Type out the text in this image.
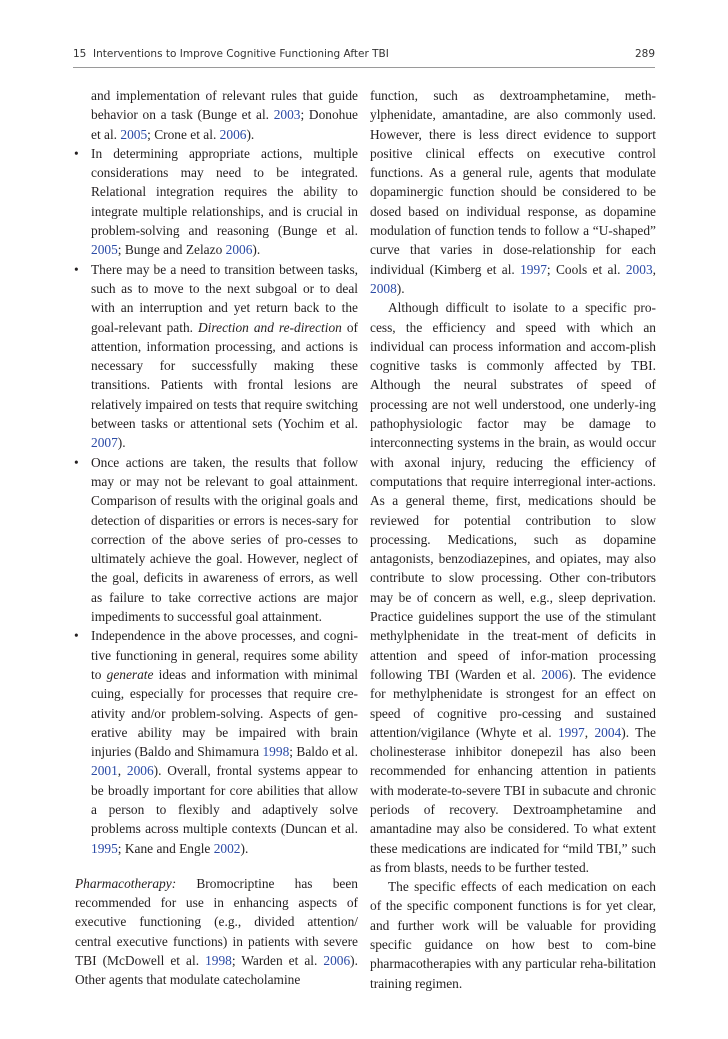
15 Interventions to Improve Cognitive Functioning After TBI	289

and implementation of relevant rules that guide behavior on a task (Bunge et al. 2003; Donohue et al. 2005; Crone et al. 2006).

• In determining appropriate actions, multiple considerations may need to be integrated. Relational integration requires the ability to integrate multiple relationships, and is crucial in problem-solving and reasoning (Bunge et al. 2005; Bunge and Zelazo 2006).

• There may be a need to transition between tasks, such as to move to the next subgoal or to deal with an interruption and yet return back to the goal-relevant path. Direction and re-direction of attention, information processing, and actions is necessary for successfully making these transitions. Patients with frontal lesions are relatively impaired on tests that require switching between tasks or attentional sets (Yochim et al. 2007).

• Once actions are taken, the results that follow may or may not be relevant to goal attainment. Comparison of results with the original goals and detection of disparities or errors is neces-sary for correction of the above series of pro-cesses to ultimately achieve the goal. However, neglect of the goal, deficits in awareness of errors, as well as failure to take corrective actions are major impediments to successful goal attainment.

• Independence in the above processes, and cogni-tive functioning in general, requires some ability to generate ideas and information with minimal cuing, especially for processes that require cre-ativity and/or problem-solving. Aspects of gen-erative ability may be impaired with brain injuries (Baldo and Shimamura 1998; Baldo et al. 2001, 2006). Overall, frontal systems appear to be broadly important for core abilities that allow a person to flexibly and adaptively solve problems across multiple contexts (Duncan et al. 1995; Kane and Engle 2002).

Pharmacotherapy: Bromocriptine has been recommended for use in enhancing aspects of executive functioning (e.g., divided attention/ central executive functions) in patients with severe TBI (McDowell et al. 1998; Warden et al. 2006). Other agents that modulate catecholamine

function, such as dextroamphetamine, meth-ylphenidate, amantadine, are also commonly used. However, there is less direct evidence to support positive clinical effects on executive control functions. As a general rule, agents that modulate dopaminergic function should be considered to be dosed based on individual response, as dopamine modulation of function tends to follow a “U-shaped” curve that varies in dose-relationship for each individual (Kimberg et al. 1997; Cools et al. 2003, 2008).

Although difficult to isolate to a specific pro-cess, the efficiency and speed with which an individual can process information and accom-plish cognitive tasks is commonly affected by TBI. Although the neural substrates of speed of processing are not well understood, one underly-ing pathophysiologic factor may be damage to interconnecting systems in the brain, as would occur with axonal injury, reducing the efficiency of computations that require interregional inter-actions. As a general theme, first, medications should be reviewed for potential contribution to slow processing. Medications, such as dopamine antagonists, benzodiazepines, and opiates, may also contribute to slow processing. Other con-tributors may be of concern as well, e.g., sleep deprivation. Practice guidelines support the use of the stimulant methylphenidate in the treat-ment of deficits in attention and speed of infor-mation processing following TBI (Warden et al. 2006). The evidence for methylphenidate is strongest for an effect on speed of cognitive pro-cessing and sustained attention/vigilance (Whyte et al. 1997, 2004). The cholinesterase inhibitor donepezil has also been recommended for enhancing attention in patients with moderate-to-severe TBI in subacute and chronic periods of recovery. Dextroamphetamine and amantadine may also be considered. To what extent these medications are indicated for “mild TBI,” such as from blasts, needs to be further tested.

The specific effects of each medication on each of the specific component functions is for yet clear, and further work will be valuable for providing specific guidance on how best to com-bine pharmacotherapies with any particular reha-bilitation training regimen.
